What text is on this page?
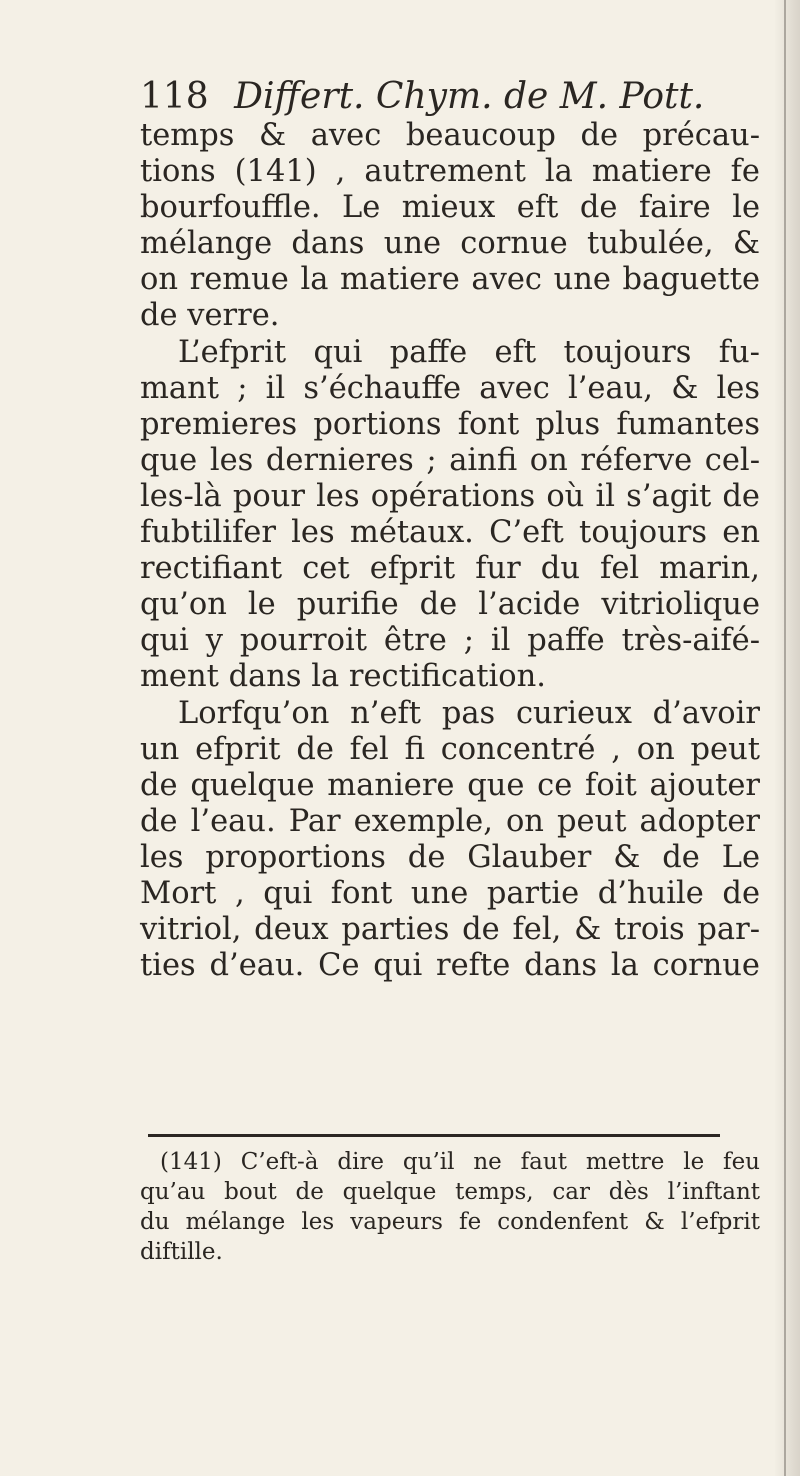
118 Differt. Chym. de M. Pott.
temps & avec beaucoup de précau-
tions (141) , autrement la matiere fe
bourfouffle. Le mieux eft de faire le
mélange dans une cornue tubulée, &
on remue la matiere avec une baguette
de verre.
L’efprit qui paffe eft toujours fu-
mant ; il s’échauffe avec l’eau, & les
premieres portions font plus fumantes
que les dernieres ; ainfi on réferve cel-
les-là pour les opérations où il s’agit de
fubtilifer les métaux. C’eft toujours en
rectifiant cet efprit fur du fel marin,
qu’on le purifie de l’acide vitriolique
qui y pourroit être ; il paffe très-aifé-
ment dans la rectification.
Lorfqu’on n’eft pas curieux d’avoir
un efprit de fel fi concentré , on peut
de quelque maniere que ce foit ajouter
de l’eau. Par exemple, on peut adopter
les proportions de Glauber & de Le
Mort , qui font une partie d’huile de
vitriol, deux parties de fel, & trois par-
ties d’eau. Ce qui refte dans la cornue
(141) C’eft-à dire qu’il ne faut mettre le feu
qu’au bout de quelque temps, car dès l’inftant
du mélange les vapeurs fe condenfent & l’efprit
diftille.
